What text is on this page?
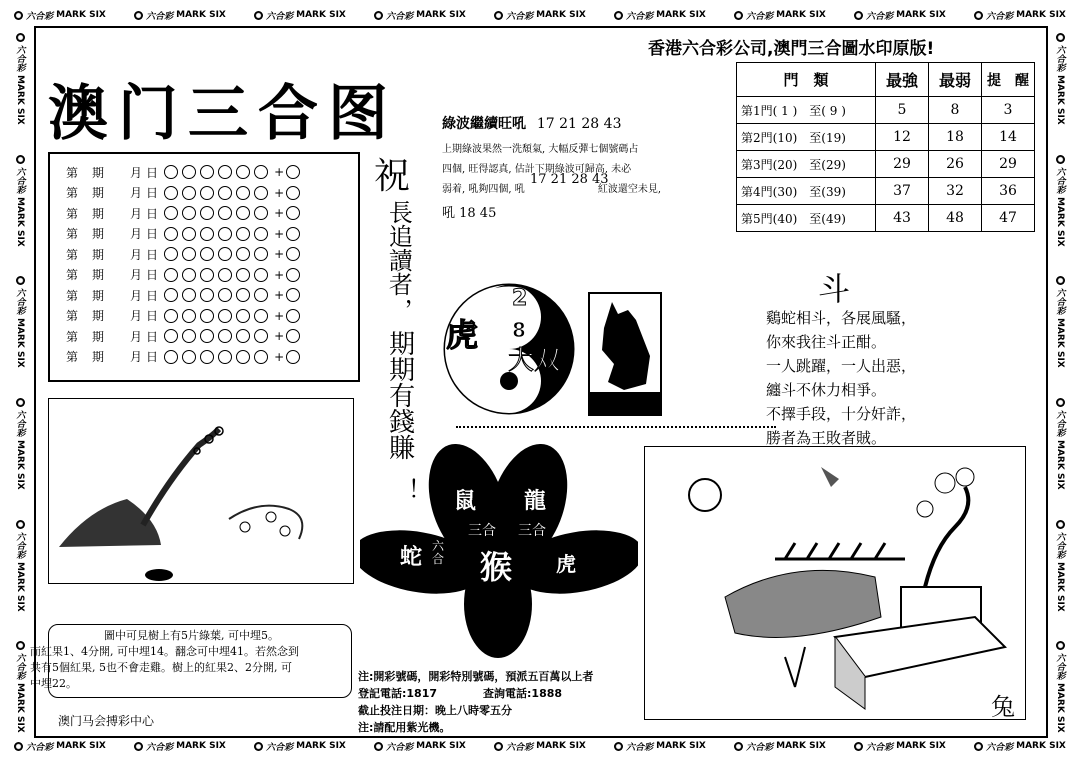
六合彩 MARK SIX	六合彩 MARK SIX	六合彩 MARK SIX	六合彩 MARK SIX	六合彩 MARK SIX	六合彩 MARK SIX	六合彩 MARK SIX	六合彩 MARK SIX	六合彩 MARK SIX
六合彩 MARK SIX	六合彩 MARK SIX	六合彩 MARK SIX	六合彩 MARK SIX	六合彩 MARK SIX	六合彩 MARK SIX	六合彩 MARK SIX	六合彩 MARK SIX	六合彩 MARK SIX
六合彩
MARK SIX
六合彩
MARK SIX
六合彩
MARK SIX
六合彩
MARK SIX
六合彩
MARK SIX
六合彩
MARK SIX
六合彩
MARK SIX
六合彩
MARK SIX
六合彩
MARK SIX
六合彩
MARK SIX
六合彩
MARK SIX
六合彩
MARK SIX
香港六合彩公司,澳門三合圖水印原版!
澳门三合图
第 期 月 日	+
第 期 月 日	+
第 期 月 日	+
第 期 月 日	+
第 期 月 日	+
第 期 月 日	+
第 期 月 日	+
第 期 月 日	+
第 期 月 日	+
第 期 月 日	+
祝
長追讀者
，
期期有錢賺
！
綠波繼續旺吼 17 21 28 43
上期綠波果然一洗頹氣, 大幅反彈七個號碼占
四個, 旺得認真, 估計下期綠波可歸高, 未必
弱着, 吼夠四個, 吼
17 21 28 43
紅波還空未見,
吼 18 45
虎
2
8
大双
門　類	最強	最弱	提　醒
第1門( 1 )　至( 9 )	5	8	3
第2門(10)　至(19)	12	18	14
第3門(20)　至(29)	29	26	29
第4門(30)　至(39)	37	32	36
第5門(40)　至(49)	43	48	47
斗
鷄蛇相斗，各展風騷，
你來我往斗正酣。
一人跳躍，一人出惡，
纏斗不休力相爭。
不擇手段，十分奸詐，
勝者為王敗者賊。
鼠 龍
三合 三合
蛇 六合 猴 虎
圖中可見樹上有5片綠葉, 可中埋5。
而紅果1、4分開, 可中埋14。翻念可中埋41。若然念到
共有5個紅果, 5也不會走雞。樹上的紅果2、2分開, 可
中埋22。
澳门马会搏彩中心
注:開彩號碼，開彩特別號碼，預派五百萬以上者
登記電話:1817	查詢電話:1888
截止投注日期：晚上八時零五分
注:請配用紫光機。
兔
